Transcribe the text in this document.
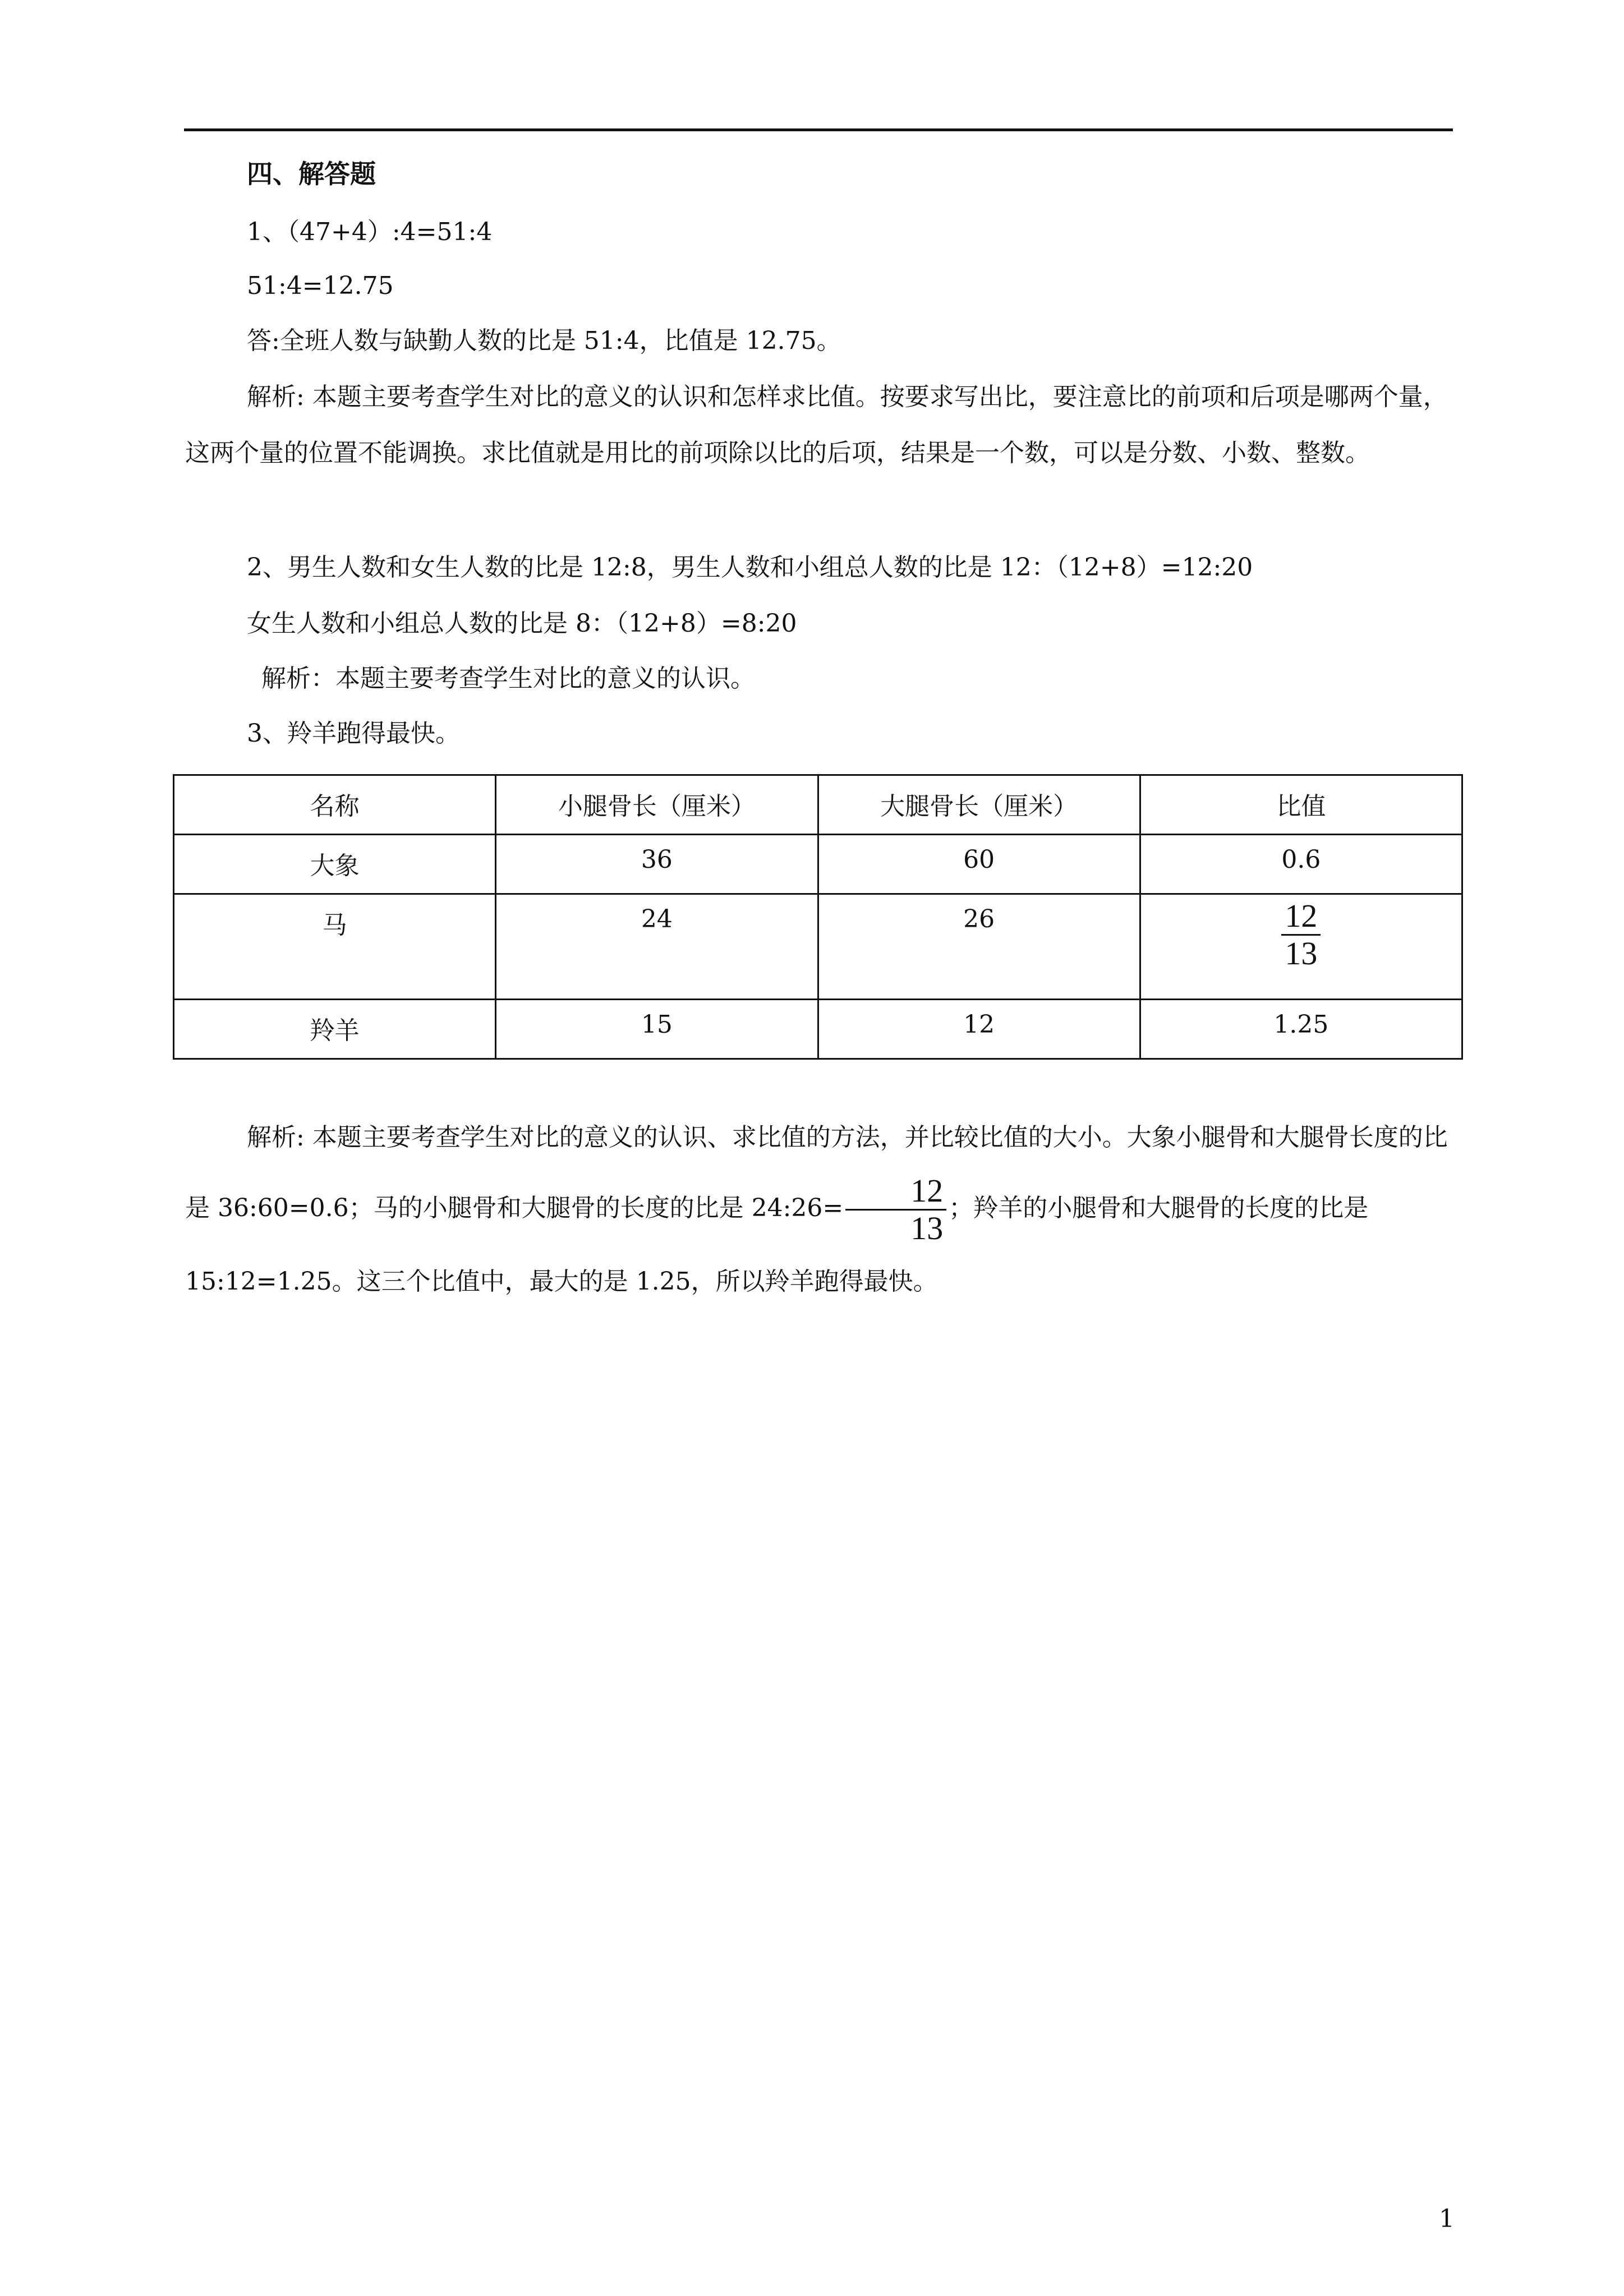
四、解答题
1、（47+4）:4=51:4
51:4=12.75
答:全班人数与缺勤人数的比是 51:4，比值是 12.75。
解析: 本题主要考查学生对比的意义的认识和怎样求比值。按要求写出比，要注意比的前项和后项是哪两个量，这两个量的位置不能调换。求比值就是用比的前项除以比的后项，结果是一个数，可以是分数、小数、整数。
2、男生人数和女生人数的比是 12:8，男生人数和小组总人数的比是 12：（12+8）=12:20
女生人数和小组总人数的比是 8：（12+8）=8:20
解析：本题主要考查学生对比的意义的认识。
3、羚羊跑得最快。
名称	小腿骨长（厘米）	大腿骨长（厘米）	比值
大象	36	60	0.6
马	24	26	$\frac{12}{13}$

羚羊	15	12	1.25
解析: 本题主要考查学生对比的意义的认识、求比值的方法，并比较比值的大小。大象小腿骨和大腿骨长度的比是 36:60=0.6；马的小腿骨和大腿骨的长度的比是 24:26= $\frac{12}{13}$ ；羚羊的小腿骨和大腿骨的长度的比是 15:12=1.25。这三个比值中，最大的是 1.25，所以羚羊跑得最快。
1
